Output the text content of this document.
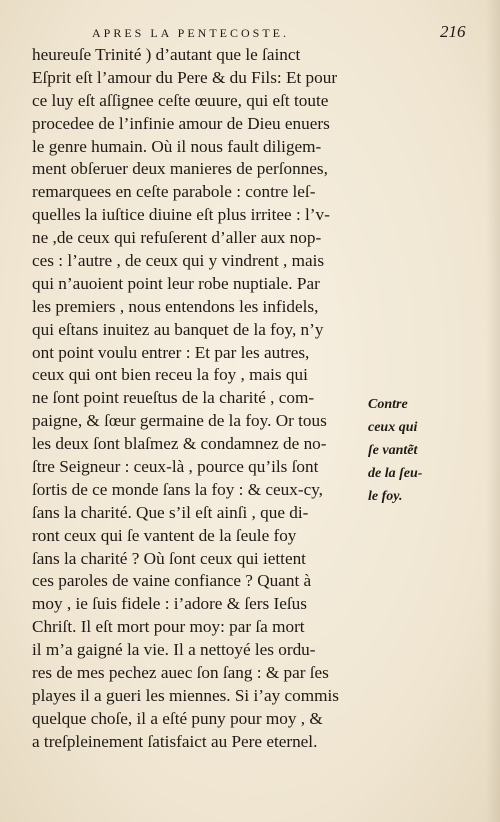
APRES LA PENTECOSTE.	216
heureuſe Trinité ) d’autant que le ſainct
Eſprit eſt l’amour du Pere & du Fils: Et pour
ce luy eſt aſſignee ceſte œuure, qui eſt toute
procedee de l’infinie amour de Dieu enuers
le genre humain. Où il nous fault diligem-
ment obſeruer deux manieres de perſonnes,
remarquees en ceſte parabole : contre leſ-
quelles la iuſtice diuine eſt plus irritee : l’v-
ne ,de ceux qui refuſerent d’aller aux nop-
ces : l’autre , de ceux qui y vindrent , mais
qui n’auoient point leur robe nuptiale. Par
les premiers , nous entendons les infidels,
qui eſtans inuitez au banquet de la foy, n’y
ont point voulu entrer : Et par les autres,
ceux qui ont bien receu la foy , mais qui
ne ſont point reueſtus de la charité , com-
paigne, & ſœur germaine de la foy. Or tous
les deux ſont blaſmez & condamnez de no-
ſtre Seigneur : ceux-là , pource qu’ils ſont
ſortis de ce monde ſans la foy : & ceux-cy,
ſans la charité. Que s’il eſt ainſi , que di-
ront ceux qui ſe vantent de la ſeule foy
ſans la charité ? Où ſont ceux qui iettent
ces paroles de vaine confiance ? Quant à
moy , ie ſuis fidele : i’adore & ſers Ieſus
Chriſt. Il eſt mort pour moy: par ſa mort
il m’a gaigné la vie. Il a nettoyé les ordu-
res de mes pechez auec ſon ſang : & par ſes
playes il a gueri les miennes. Si i’ay commis
quelque choſe, il a eſté puny pour moy , &
a treſpleinement ſatisfaict au Pere eternel.
Contre
ceux qui
ſe vantẽt
de la ſeu-
le foy.
